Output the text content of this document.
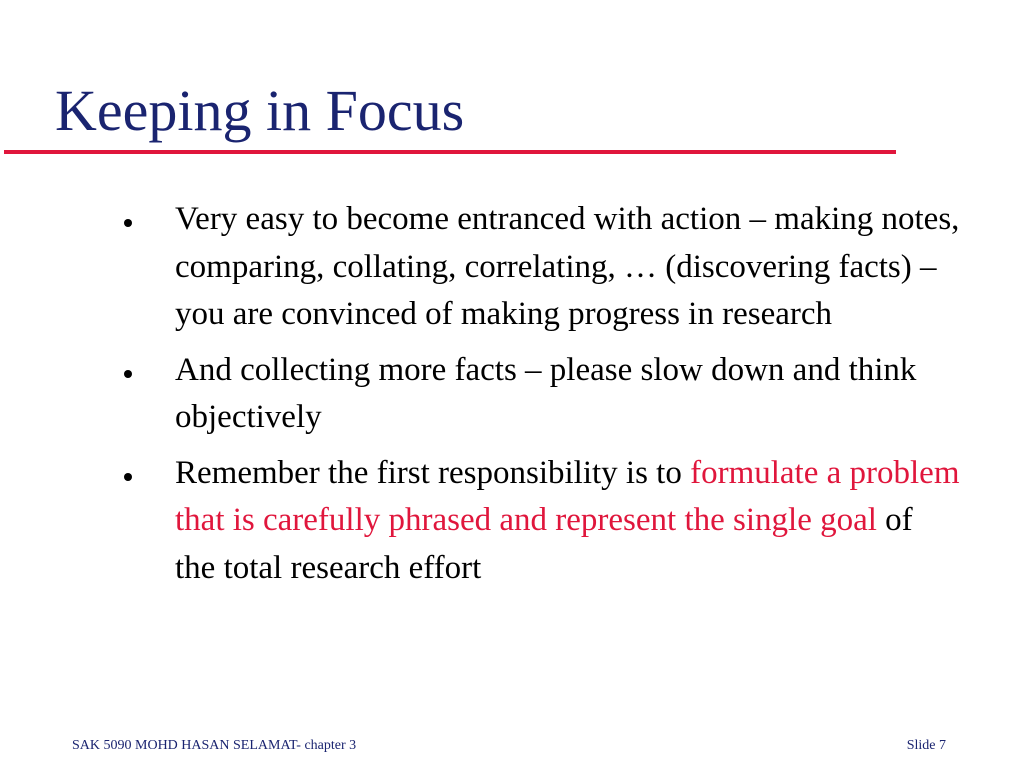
Keeping in Focus
Very easy to become entranced with action – making notes, comparing, collating, correlating, … (discovering facts) – you are convinced of making progress in research
And collecting more facts – please slow down and think objectively
Remember the first responsibility is to formulate a problem that is carefully phrased and represent the single goal of the total research effort
SAK 5090 MOHD HASAN SELAMAT- chapter 3	Slide 7
